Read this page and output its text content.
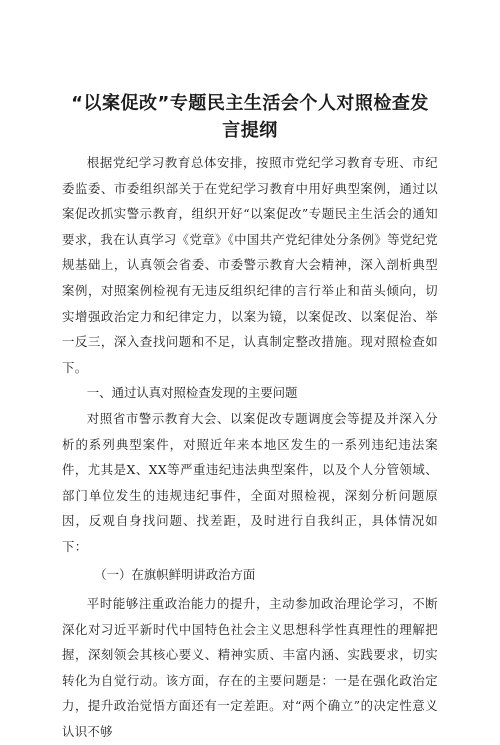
“以案促改”专题民主生活会个人对照检查发言提纲

根据党纪学习教育总体安排，按照市党纪学习教育专班、市纪委监委、市委组织部关于在党纪学习教育中用好典型案例，通过以案促改抓实警示教育，组织开好“以案促改”专题民主生活会的通知要求，我在认真学习《党章》《中国共产党纪律处分条例》等党纪党规基础上，认真领会省委、市委警示教育大会精神，深入剖析典型案例，对照案例检视有无违反组织纪律的言行举止和苗头倾向，切实增强政治定力和纪律定力，以案为镜，以案促改、以案促治、举一反三，深入查找问题和不足，认真制定整改措施。现对照检查如下。

一、通过认真对照检查发现的主要问题

对照省市警示教育大会、以案促改专题调度会等提及并深入分析的系列典型案件，对照近年来本地区发生的一系列违纪违法案件，尤其是X、XX等严重违纪违法典型案件，以及个人分管领域、部门单位发生的违规违纪事件，全面对照检视，深刻分析问题原因，反观自身找问题、找差距，及时进行自我纠正，具体情况如下：

（一）在旗帜鲜明讲政治方面

平时能够注重政治能力的提升，主动参加政治理论学习，不断深化对习近平新时代中国特色社会主义思想科学性真理性的理解把握，深刻领会其核心要义、精神实质、丰富内涵、实践要求，切实转化为自觉行动。该方面，存在的主要问题是：一是在强化政治定力，提升政治觉悟方面还有一定差距。对“两个确立”的决定性意义认识不够
